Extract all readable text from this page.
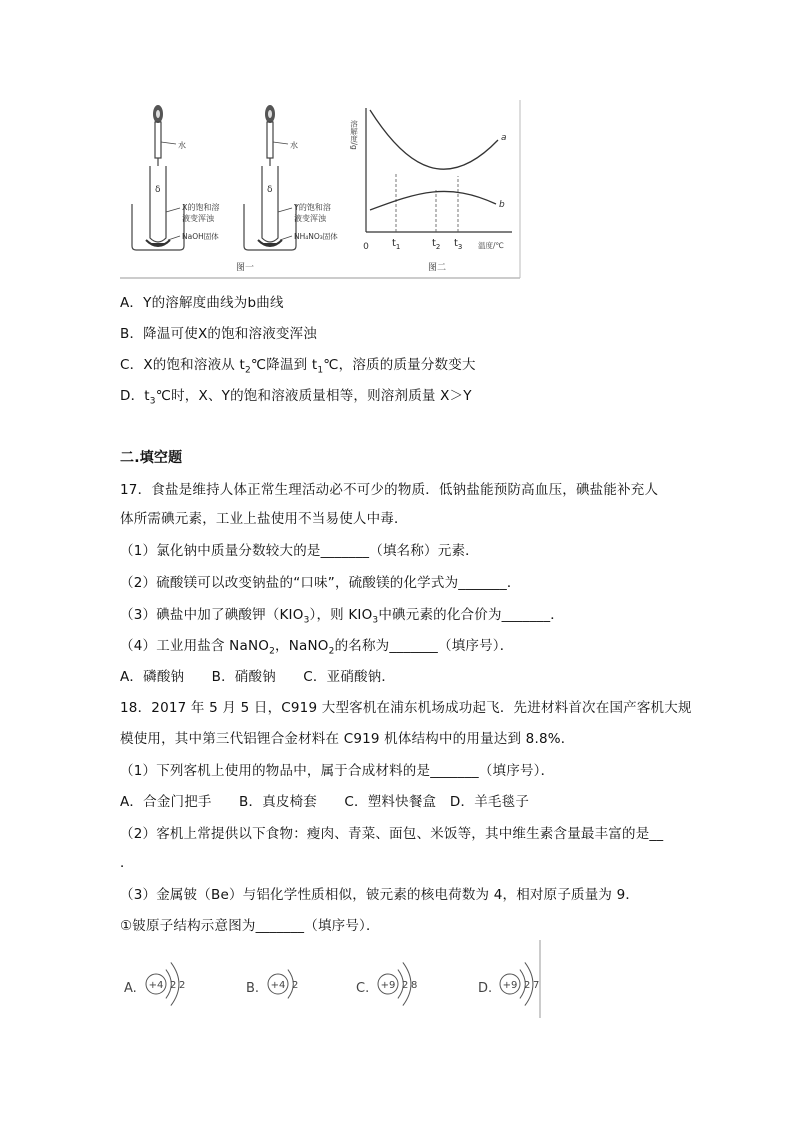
水
δ
X的饱和溶
液变浑浊
NaOH固体
图一
水
δ
Y的饱和溶
液变浑浊
NH₄NO₃固体
溶解度/g
0	温度/℃
$t_1$	$t_2$ $t_3$
a
b
图二
A．Y的溶解度曲线为b曲线
B．降温可使X的饱和溶液变浑浊
C．X的饱和溶液从 $t_2℃$降温到 $t_1℃$，溶质的质量分数变大
D．$t_3℃$时，X、Y的饱和溶液质量相等，则溶剂质量 X＞Y
二.填空题
17．食盐是维持人体正常生理活动必不可少的物质．低钠盐能预防高血压，碘盐能补充人
体所需碘元素，工业上盐使用不当易使人中毒．
（1）氯化钠中质量分数较大的是_______（填名称）元素．
（2）硫酸镁可以改变钠盐的“口味”，硫酸镁的化学式为_______．
（3）碘盐中加了碘酸钾$(KIO_3)$，则 $KIO_3$中碘元素的化合价为_______．
（4）工业用盐含 NaNO$_2$，NaNO$_2$的名称为_______（填序号）．
A．磷酸钠　　B．硝酸钠　　C．亚硝酸钠．
18．2017 年 5 月 5 日，C919 大型客机在浦东机场成功起飞．先进材料首次在国产客机大规
模使用，其中第三代铝锂合金材料在 C919 机体结构中的用量达到 8.8%．
（1）下列客机上使用的物品中，属于合成材料的是_______（填序号）．
A．合金门把手　　B．真皮椅套　　C．塑料快餐盒　D．羊毛毯子
（2）客机上常提供以下食物：瘦肉、青菜、面包、米饭等，其中维生素含量最丰富的是__
．
（3）金属铍（Be）与铝化学性质相似，铍元素的核电荷数为 4，相对原子质量为 9．
①铍原子结构示意图为_______（填序号）．
A. +4 2 2	B. +4 2	C. +9 2 8	D. +9 2 7
